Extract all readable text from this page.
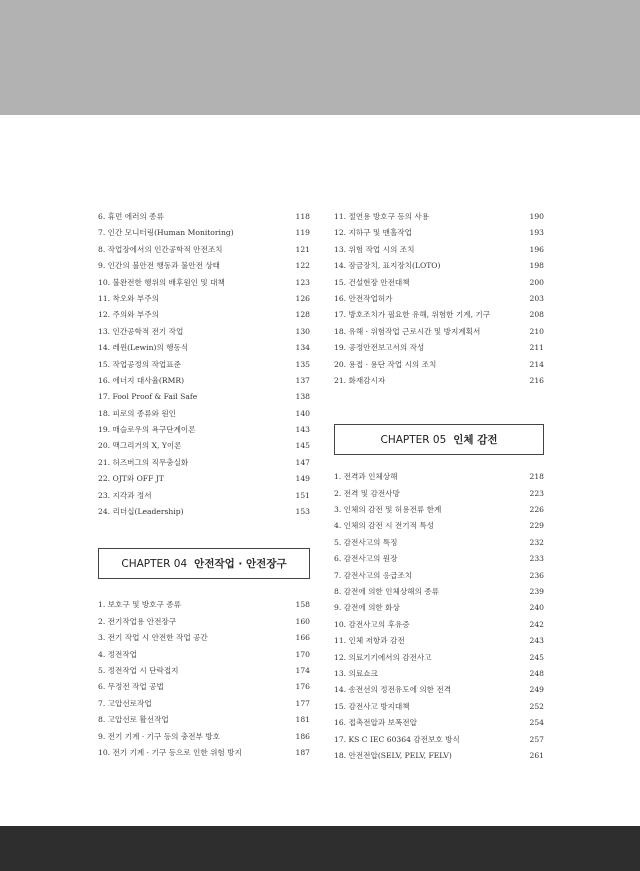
6. 휴먼 에러의 종류	118
7. 인간 모니터링(Human Monitoring)	119
8. 작업장에서의 인간공학적 안전조치	121
9. 인간의 불안전 행동과 불안전 상태	122
10. 불완전한 행위의 배후원인 및 대책	123
11. 착오와 부주의	126
12. 주의와 부주의	128
13. 인간공학적 전기 작업	130
14. 레윈(Lewin)의 행동식	134
15. 작업공정의 작업표준	135
16. 에너지 대사율(RMR)	137
17. Fool Proof & Fail Safe	138
18. 피로의 종류와 원인	140
19. 매슬로우의 욕구단계이론	143
20. 맥그리거의 X, Y이론	145
21. 허즈버그의 직무충실화	147
22. OJT와 OFF JT	149
23. 지각과 정서	151
24. 리더십(Leadership)	153
CHAPTER 04 안전작업 · 안전장구
1. 보호구 및 방호구 종류	158
2. 전기작업용 안전장구	160
3. 전기 작업 시 안전한 작업 공간	166
4. 정전작업	170
5. 정전작업 시 단락접지	174
6. 무정전 작업 공법	176
7. 고압선로작업	177
8. 고압선로 활선작업	181
9. 전기 기계 · 기구 등의 충전부 방호	186
10. 전기 기계 · 기구 등으로 인한 위험 방지	187
11. 절연용 방호구 등의 사용	190
12. 지하구 및 맨홀작업	193
13. 위험 작업 시의 조치	196
14. 잠금장치, 표지장치(LOTO)	198
15. 건설현장 안전대책	200
16. 안전작업허가	203
17. 방호조치가 필요한 유해, 위험한 기계, 기구	208
18. 유해 · 위험작업 근로시간 및 방지계획서	210
19. 공정안전보고서의 작성	211
20. 용접 · 용단 작업 시의 조치	214
21. 화재감시자	216
CHAPTER 05 인체 감전
1. 전격과 인체상해	218
2. 전격 및 감전사망	223
3. 인체의 감전 및 허용전류 한계	226
4. 인체의 감전 시 전기적 특성	229
5. 감전사고의 특징	232
6. 감전사고의 원장	233
7. 감전사고의 응급조치	236
8. 감전에 의한 인체상해의 종류	239
9. 감전에 의한 화상	240
10. 감전사고의 후유증	242
11. 인체 저항과 감전	243
12. 의료기기에서의 감전사고	245
13. 의료쇼크	248
14. 송전선의 정전유도에 의한 전격	249
15. 감전사고 방지대책	252
16. 접촉전압과 보폭전압	254
17. KS C IEC 60364 감전보호 방식	257
18. 안전전압(SELV, PELV, FELV)	261
